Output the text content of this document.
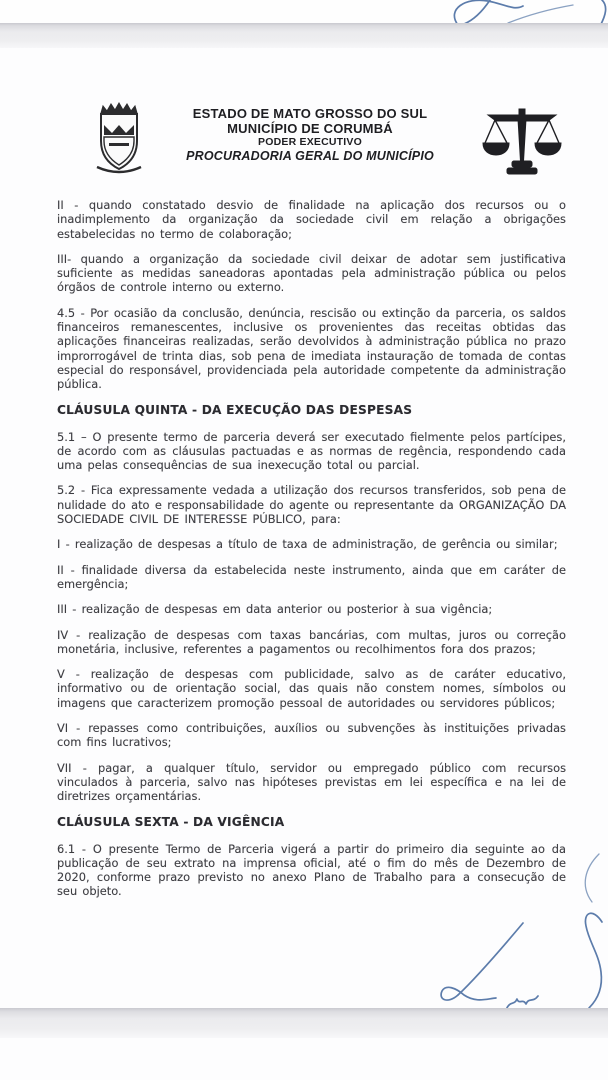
ESTADO DE MATO GROSSO DO SUL
MUNICÍPIO DE CORUMBÁ
PODER EXECUTIVO
PROCURADORIA GERAL DO MUNICÍPIO

II - quando constatado desvio de finalidade na aplicação dos recursos ou o inadimplemento da organização da sociedade civil em relação a obrigações estabelecidas no termo de colaboração;

III- quando a organização da sociedade civil deixar de adotar sem justificativa suficiente as medidas saneadoras apontadas pela administração pública ou pelos órgãos de controle interno ou externo.

4.5 - Por ocasião da conclusão, denúncia, rescisão ou extinção da parceria, os saldos financeiros remanescentes, inclusive os provenientes das receitas obtidas das aplicações financeiras realizadas, serão devolvidos à administração pública no prazo improrrogável de trinta dias, sob pena de imediata instauração de tomada de contas especial do responsável, providenciada pela autoridade competente da administração pública.

CLÁUSULA QUINTA - DA EXECUÇÃO DAS DESPESAS

5.1 – O presente termo de parceria deverá ser executado fielmente pelos partícipes, de acordo com as cláusulas pactuadas e as normas de regência, respondendo cada uma pelas consequências de sua inexecução total ou parcial.

5.2 - Fica expressamente vedada a utilização dos recursos transferidos, sob pena de nulidade do ato e responsabilidade do agente ou representante da ORGANIZAÇÃO DA SOCIEDADE CIVIL DE INTERESSE PÚBLICO, para:

I - realização de despesas a título de taxa de administração, de gerência ou similar;

II - finalidade diversa da estabelecida neste instrumento, ainda que em caráter de emergência;

III - realização de despesas em data anterior ou posterior à sua vigência;

IV - realização de despesas com taxas bancárias, com multas, juros ou correção monetária, inclusive, referentes a pagamentos ou recolhimentos fora dos prazos;

V - realização de despesas com publicidade, salvo as de caráter educativo, informativo ou de orientação social, das quais não constem nomes, símbolos ou imagens que caracterizem promoção pessoal de autoridades ou servidores públicos;

VI - repasses como contribuições, auxílios ou subvenções às instituições privadas com fins lucrativos;

VII - pagar, a qualquer título, servidor ou empregado público com recursos vinculados à parceria, salvo nas hipóteses previstas em lei específica e na lei de diretrizes orçamentárias.

CLÁUSULA SEXTA - DA VIGÊNCIA

6.1 - O presente Termo de Parceria vigerá a partir do primeiro dia seguinte ao da publicação de seu extrato na imprensa oficial, até o fim do mês de Dezembro de 2020, conforme prazo previsto no anexo Plano de Trabalho para a consecução de seu objeto.
